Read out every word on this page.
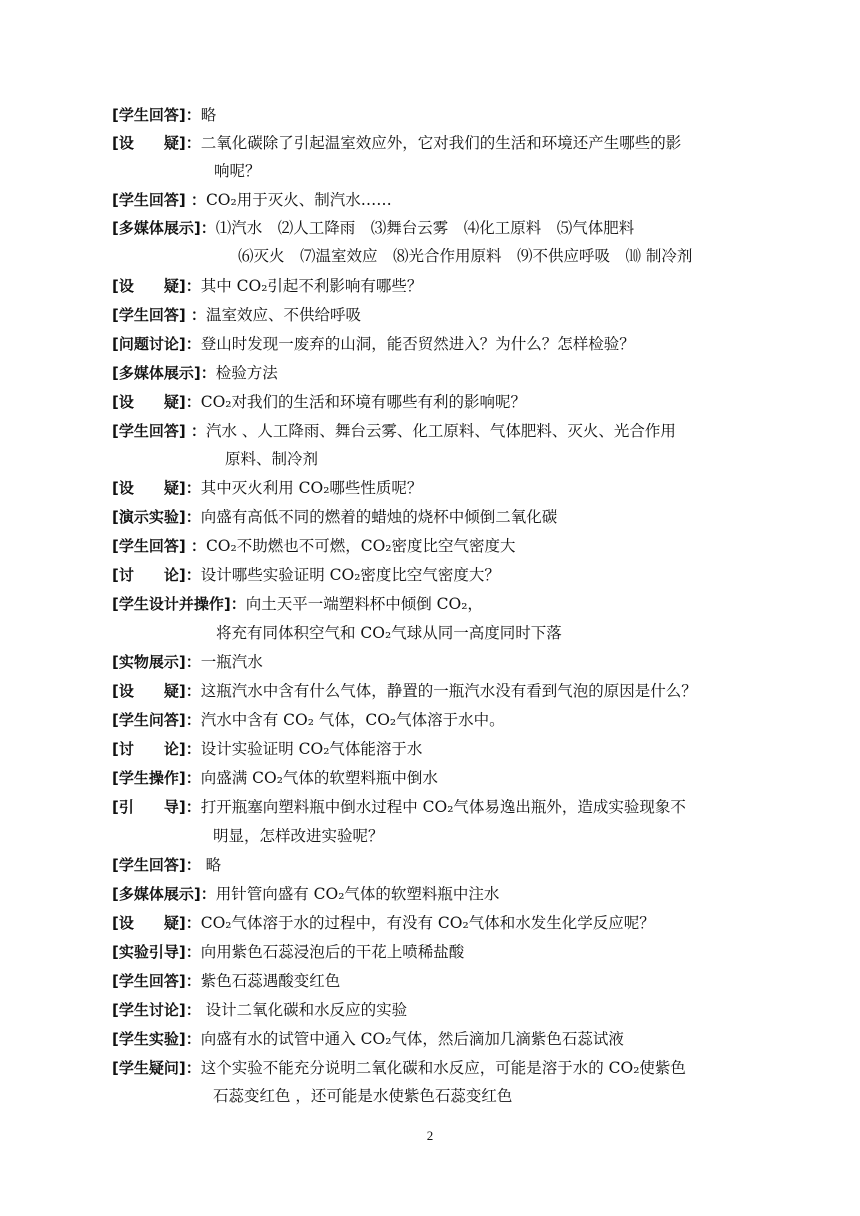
[学生回答]：略
[设　　疑]：二氧化碳除了引起温室效应外，它对我们的生活和环境还产生哪些的影
响呢？
[学生回答] ：CO₂用于灭火、制汽水……
[多媒体展示]：⑴汽水　⑵人工降雨　⑶舞台云雾　⑷化工原料　⑸气体肥料
⑹灭火　⑺温室效应　⑻光合作用原料　⑼不供应呼吸　⑽ 制冷剂
[设　　疑]：其中 CO₂引起不利影响有哪些？
[学生回答] ：温室效应、不供给呼吸
[问题讨论]：登山时发现一废弃的山洞，能否贸然进入？为什么？怎样检验？
[多媒体展示]：检验方法
[设　　疑]：CO₂对我们的生活和环境有哪些有利的影响呢？
[学生回答] ：汽水 、人工降雨、舞台云雾、化工原料、气体肥料、灭火、光合作用
原料、制冷剂
[设　　疑]：其中灭火利用 CO₂哪些性质呢？
[演示实验]：向盛有高低不同的燃着的蜡烛的烧杯中倾倒二氧化碳
[学生回答] ：CO₂不助燃也不可燃，CO₂密度比空气密度大
[讨　　论]：设计哪些实验证明 CO₂密度比空气密度大？
[学生设计并操作]：向土天平一端塑料杯中倾倒 CO₂，
将充有同体积空气和 CO₂气球从同一高度同时下落
[实物展示]：一瓶汽水
[设　　疑]：这瓶汽水中含有什么气体，静置的一瓶汽水没有看到气泡的原因是什么？
[学生问答]：汽水中含有 CO₂ 气体，CO₂气体溶于水中。
[讨　　论]：设计实验证明 CO₂气体能溶于水
[学生操作]：向盛满 CO₂气体的软塑料瓶中倒水
[引　　导]：打开瓶塞向塑料瓶中倒水过程中 CO₂气体易逸出瓶外，造成实验现象不
明显，怎样改进实验呢？
[学生回答]： 略
[多媒体展示]：用针管向盛有 CO₂气体的软塑料瓶中注水
[设　　疑]：CO₂气体溶于水的过程中，有没有 CO₂气体和水发生化学反应呢？
[实验引导]：向用紫色石蕊浸泡后的干花上喷稀盐酸
[学生回答]：紫色石蕊遇酸变红色
[学生讨论]： 设计二氧化碳和水反应的实验
[学生实验]：向盛有水的试管中通入 CO₂气体，然后滴加几滴紫色石蕊试液
[学生疑问]：这个实验不能充分说明二氧化碳和水反应，可能是溶于水的 CO₂使紫色
石蕊变红色 ，还可能是水使紫色石蕊变红色
2
